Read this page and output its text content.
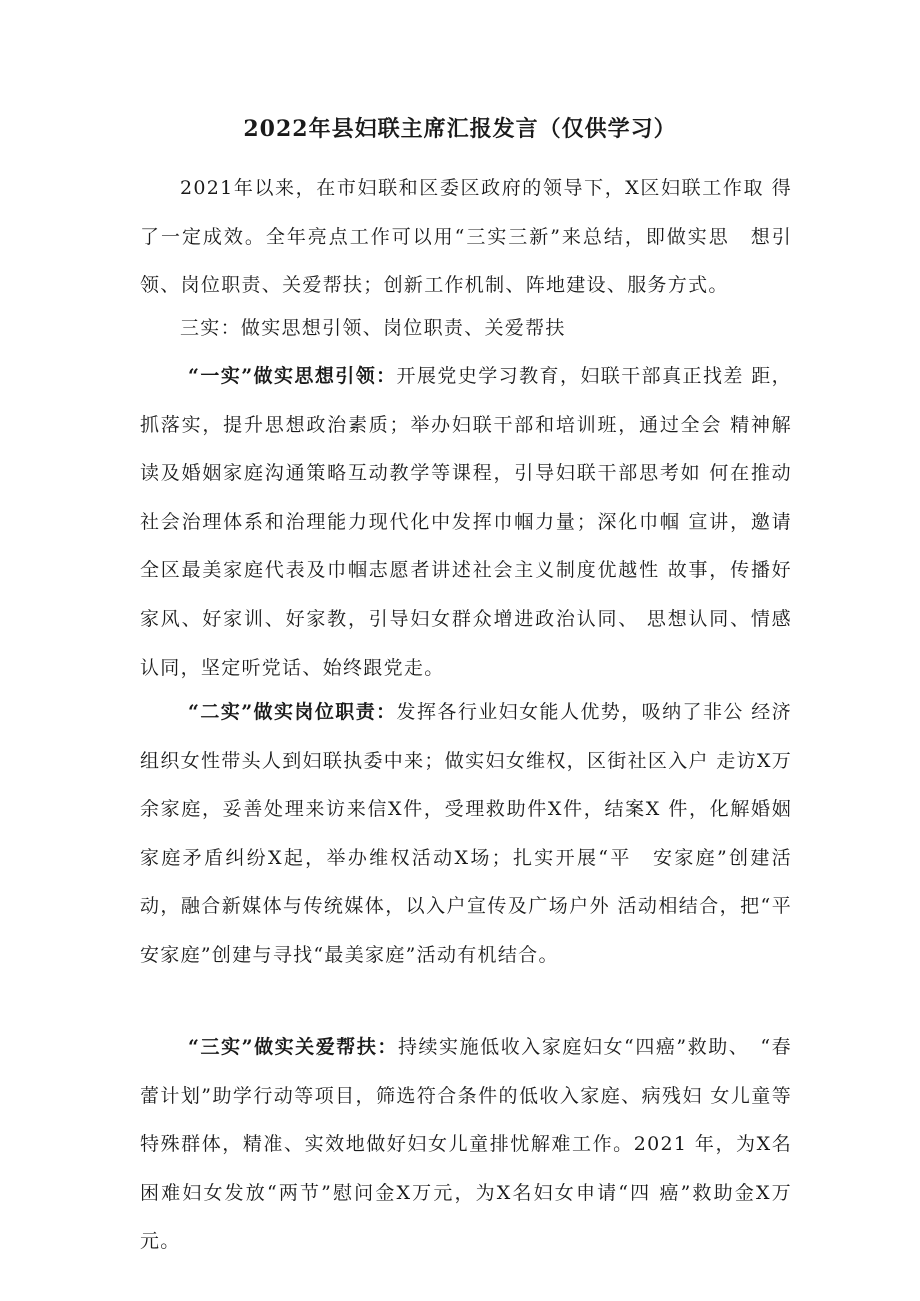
2022年县妇联主席汇报发言（仅供学习）

2021年以来，在市妇联和区委区政府的领导下，X区妇联工作取 得了一定成效。全年亮点工作可以用“三实三新”来总结，即做实思　想引领、岗位职责、关爱帮扶；创新工作机制、阵地建设、服务方式。

三实：做实思想引领、岗位职责、关爱帮扶

“一实”做实思想引领：开展党史学习教育，妇联干部真正找差 距，抓落实，提升思想政治素质；举办妇联干部和培训班，通过全会 精神解读及婚姻家庭沟通策略互动教学等课程，引导妇联干部思考如 何在推动社会治理体系和治理能力现代化中发挥巾帼力量；深化巾帼 宣讲，邀请全区最美家庭代表及巾帼志愿者讲述社会主义制度优越性 故事，传播好家风、好家训、好家教，引导妇女群众增进政治认同、 思想认同、情感认同，坚定听党话、始终跟党走。

“二实”做实岗位职责：发挥各行业妇女能人优势，吸纳了非公 经济组织女性带头人到妇联执委中来；做实妇女维权，区街社区入户 走访X万余家庭，妥善处理来访来信X件，受理救助件X件，结案X 件，化解婚姻家庭矛盾纠纷X起，举办维权活动X场；扎实开展“平　安家庭”创建活动，融合新媒体与传统媒体，以入户宣传及广场户外 活动相结合，把“平安家庭”创建与寻找“最美家庭”活动有机结合。

“三实”做实关爱帮扶：持续实施低收入家庭妇女“四癌”救助、　“春蕾计划”助学行动等项目，筛选符合条件的低收入家庭、病残妇 女儿童等特殊群体，精准、实效地做好妇女儿童排忧解难工作。2021 年，为X名困难妇女发放“两节”慰问金X万元，为X名妇女申请“四 癌”救助金X万元。
